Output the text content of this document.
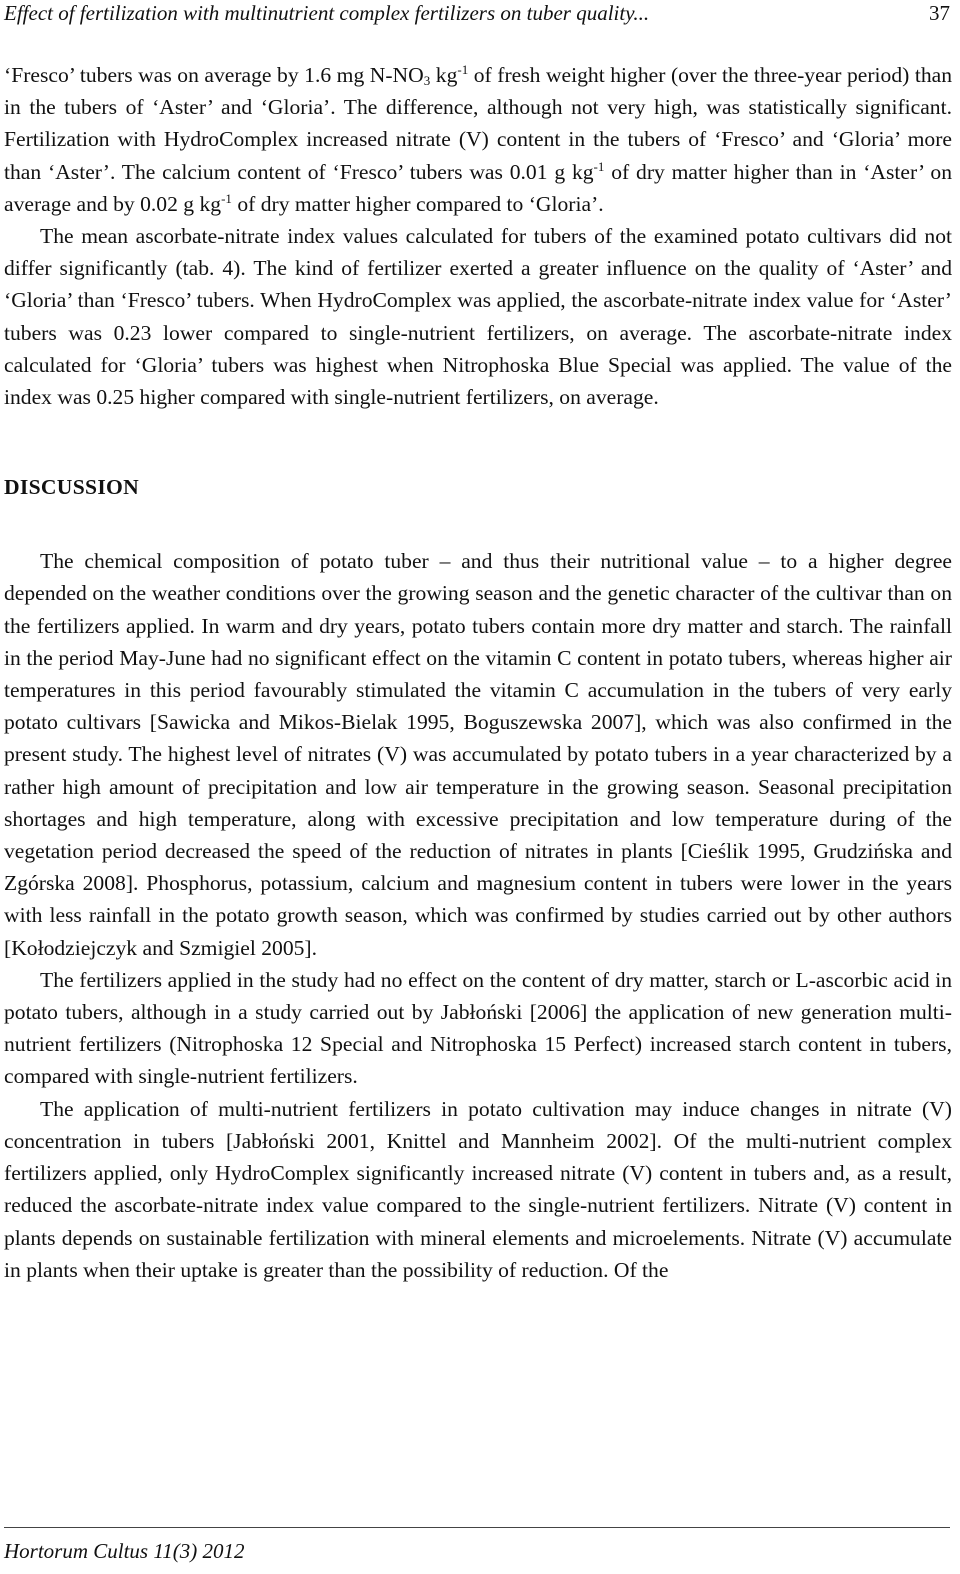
Effect of fertilization with multinutrient complex fertilizers on tuber quality...	37

‘Fresco’ tubers was on average by 1.6 mg $N-NO_3$ $kg^{-1}$ of fresh weight higher (over the three-year period) than in the tubers of ‘Aster’ and ‘Gloria’. The difference, although not very high, was statistically significant. Fertilization with HydroComplex increased nitrate (V) content in the tubers of ‘Fresco’ and ‘Gloria’ more than ‘Aster’. The calcium content of ‘Fresco’ tubers was 0.01 g $kg^{-1}$ of dry matter higher than in ‘Aster’ on average and by 0.02 g $kg^{-1}$ of dry matter higher compared to ‘Gloria’.

The mean ascorbate-nitrate index values calculated for tubers of the examined potato cultivars did not differ significantly (tab. 4). The kind of fertilizer exerted a greater influence on the quality of ‘Aster’ and ‘Gloria’ than ‘Fresco’ tubers. When HydroComplex was applied, the ascorbate-nitrate index value for ‘Aster’ tubers was 0.23 lower compared to single-nutrient fertilizers, on average. The ascorbate-nitrate index calculated for ‘Gloria’ tubers was highest when Nitrophoska Blue Special was applied. The value of the index was 0.25 higher compared with single-nutrient fertilizers, on average.

DISCUSSION

The chemical composition of potato tuber – and thus their nutritional value – to a higher degree depended on the weather conditions over the growing season and the genetic character of the cultivar than on the fertilizers applied. In warm and dry years, potato tubers contain more dry matter and starch. The rainfall in the period May-June had no significant effect on the vitamin C content in potato tubers, whereas higher air temperatures in this period favourably stimulated the vitamin C accumulation in the tubers of very early potato cultivars [Sawicka and Mikos-Bielak 1995, Boguszewska 2007], which was also confirmed in the present study. The highest level of nitrates (V) was accumulated by potato tubers in a year characterized by a rather high amount of precipitation and low air temperature in the growing season. Seasonal precipitation shortages and high temperature, along with excessive precipitation and low temperature during of the vegetation period decreased the speed of the reduction of nitrates in plants [Cieślik 1995, Grudzińska and Zgórska 2008]. Phosphorus, potassium, calcium and magnesium content in tubers were lower in the years with less rainfall in the potato growth season, which was confirmed by studies carried out by other authors [Kołodziejczyk and Szmigiel 2005].

The fertilizers applied in the study had no effect on the content of dry matter, starch or L-ascorbic acid in potato tubers, although in a study carried out by Jabłoński [2006] the application of new generation multi-nutrient fertilizers (Nitrophoska 12 Special and Nitrophoska 15 Perfect) increased starch content in tubers, compared with single-nutrient fertilizers.

The application of multi-nutrient fertilizers in potato cultivation may induce changes in nitrate (V) concentration in tubers [Jabłoński 2001, Knittel and Mannheim 2002]. Of the multi-nutrient complex fertilizers applied, only HydroComplex significantly increased nitrate (V) content in tubers and, as a result, reduced the ascorbate-nitrate index value compared to the single-nutrient fertilizers. Nitrate (V) content in plants depends on sustainable fertilization with mineral elements and microelements. Nitrate (V) accumulate in plants when their uptake is greater than the possibility of reduction. Of the

Hortorum Cultus 11(3) 2012
